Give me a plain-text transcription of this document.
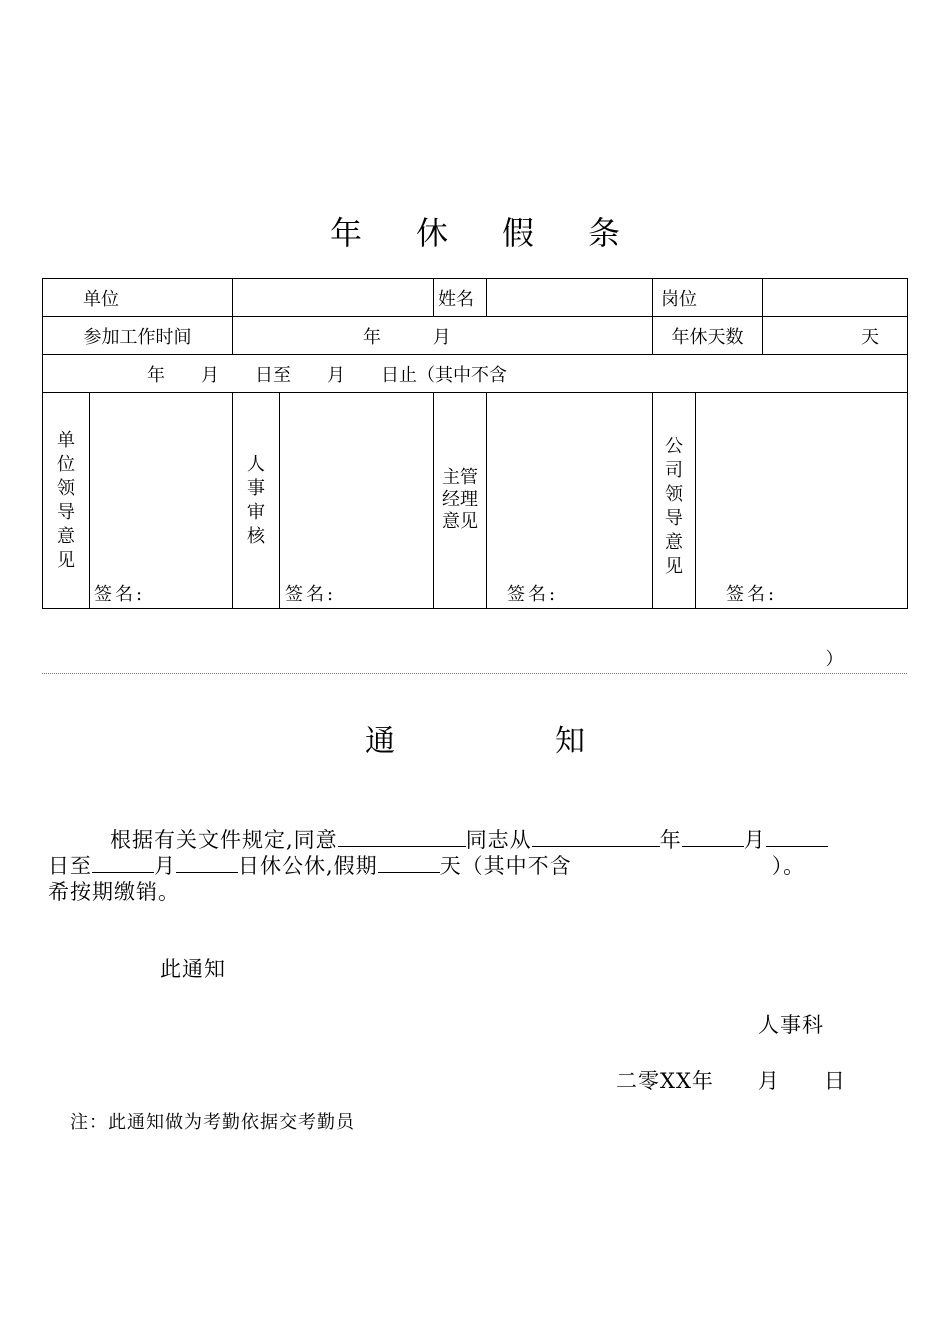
年休假条
单位				姓名		岗位		
参加工作时间		年 月				年休天数		天
年　　月　　日至　　月　　日止（其中不含
）								

单位领导意见	签名:	人事审核	签名:	主管经理意见	签名:	公司领导意见	签名:	
通知
根据有关文件规定,同意	同志从	年	月
日至	月	日休公休,假期	天（其中不含	）。
希按期缴销。
此通知
人事科
二零XX年　　月　　日
注：此通知做为考勤依据交考勤员
